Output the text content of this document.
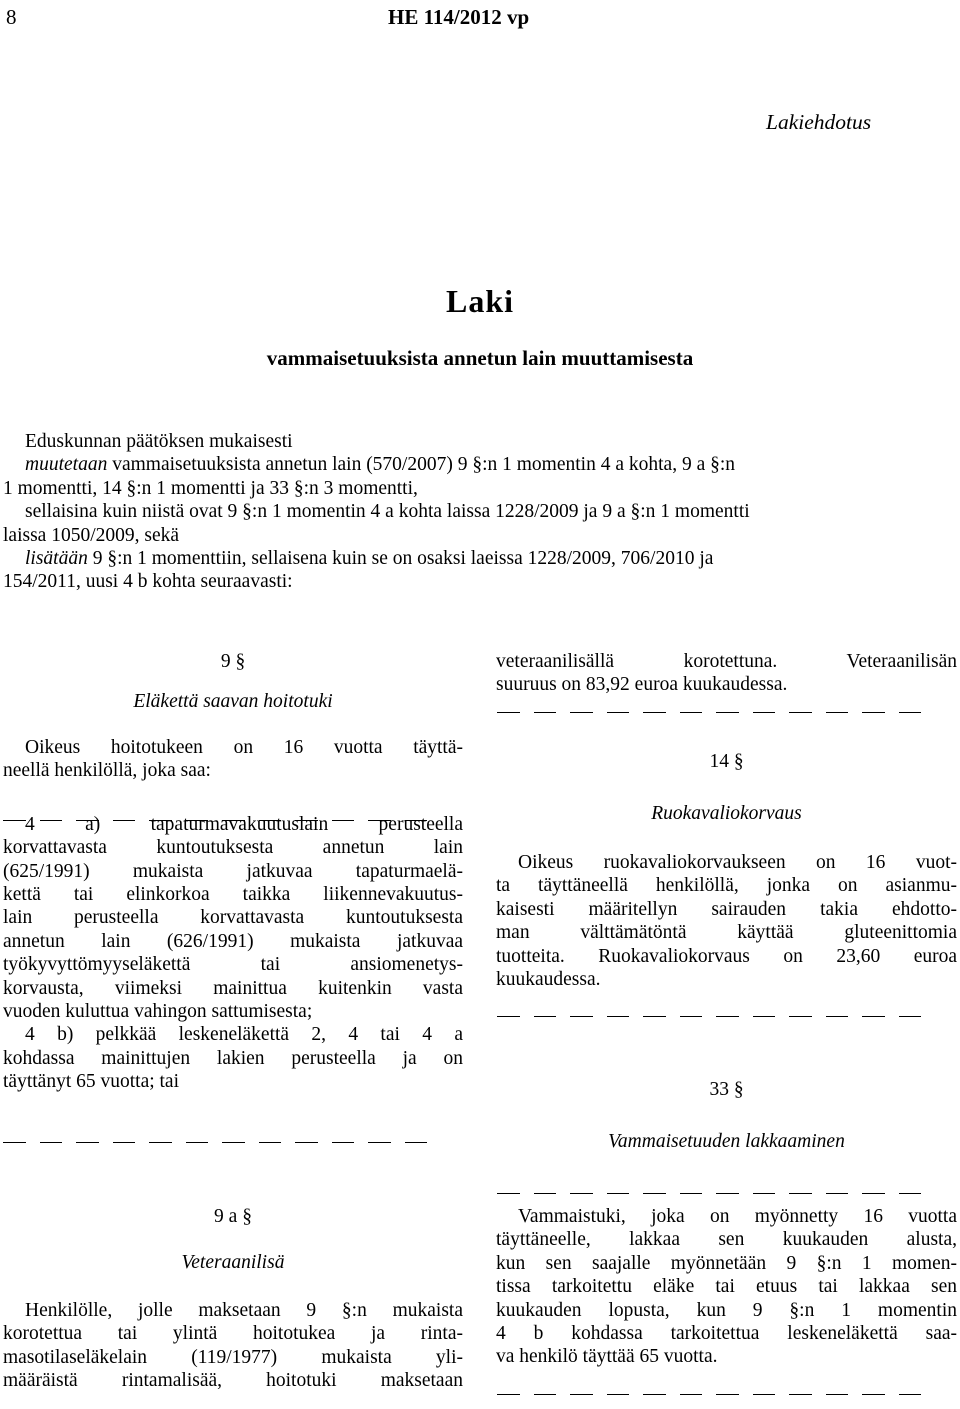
8	HE 114/2012 vp
Lakiehdotus
Laki
vammaisetuuksista annetun lain muuttamisesta
Eduskunnan päätöksen mukaisesti
muutetaan vammaisetuuksista annetun lain (570/2007) 9 §:n 1 momentin 4 a kohta, 9 a §:n
1 momentti, 14 §:n 1 momentti ja 33 §:n 3 momentti,
sellaisina kuin niistä ovat 9 §:n 1 momentin 4 a kohta laissa 1228/2009 ja 9 a §:n 1 momentti
laissa 1050/2009, sekä
lisätään 9 §:n 1 momenttiin, sellaisena kuin se on osaksi laeissa 1228/2009, 706/2010 ja
154/2011, uusi 4 b kohta seuraavasti:
9 §
Eläkettä saavan hoitotuki
Oikeus hoitotukeen on 16 vuotta täyttä-
neellä henkilöllä, joka saa:
4 a) tapaturmavakuutuslain perusteella
korvattavasta kuntoutuksesta annetun lain
(625/1991) mukaista jatkuvaa tapaturmaelä-
kettä tai elinkorkoa taikka liikennevakuutus-
lain perusteella korvattavasta kuntoutuksesta
annetun lain (626/1991) mukaista jatkuvaa
työkyvyttömyyseläkettä tai ansiomenetys-
korvausta, viimeksi mainittua kuitenkin vasta
vuoden kuluttua vahingon sattumisesta;
4 b) pelkkää leskeneläkettä 2, 4 tai 4 a
kohdassa mainittujen lakien perusteella ja on
täyttänyt 65 vuotta; tai
9 a §
Veteraanilisä
Henkilölle, jolle maksetaan 9 §:n mukaista
korotettua tai ylintä hoitotukea ja rinta-
masotilaseläkelain (119/1977) mukaista yli-
määräistä rintamalisää, hoitotuki maksetaan
veteraanilisällä korotettuna. Veteraanilisän
suuruus on 83,92 euroa kuukaudessa.
14 §
Ruokavaliokorvaus
Oikeus ruokavaliokorvaukseen on 16 vuot-
ta täyttäneellä henkilöllä, jonka on asianmu-
kaisesti määritellyn sairauden takia ehdotto-
man välttämätöntä käyttää gluteenittomia
tuotteita. Ruokavaliokorvaus on 23,60 euroa
kuukaudessa.
33 §
Vammaisetuuden lakkaaminen
Vammaistuki, joka on myönnetty 16 vuotta
täyttäneelle, lakkaa sen kuukauden alusta,
kun sen saajalle myönnetään 9 §:n 1 momen-
tissa tarkoitettu eläke tai etuus tai lakkaa sen
kuukauden lopusta, kun 9 §:n 1 momentin
4 b kohdassa tarkoitettua leskeneläkettä saa-
va henkilö täyttää 65 vuotta.
